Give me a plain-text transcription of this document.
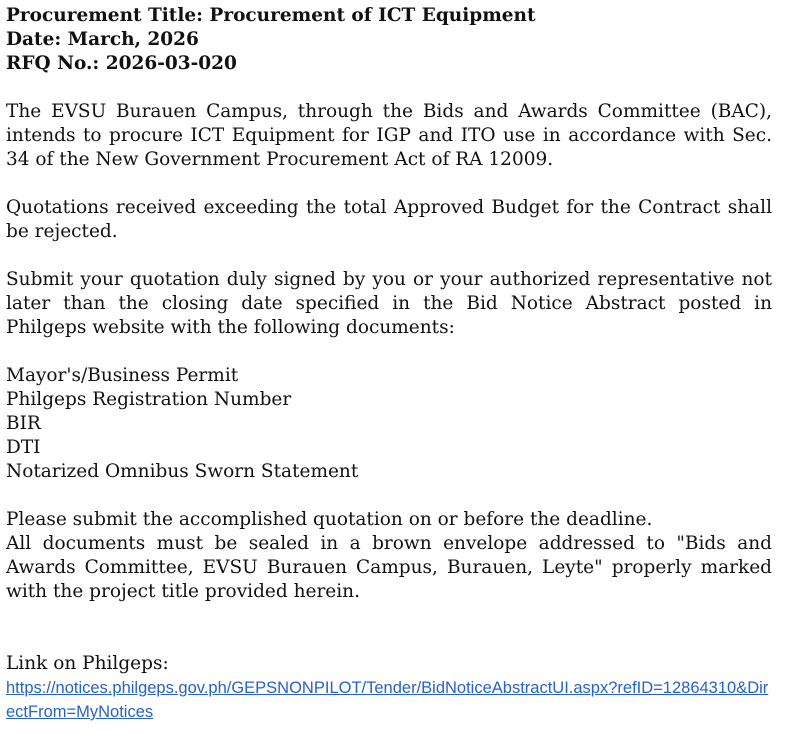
Procurement Title: Procurement of ICT Equipment

Date: March, 2026

RFQ No.: 2026-03-020

The EVSU Burauen Campus, through the Bids and Awards Committee (BAC), intends to procure ICT Equipment for IGP and ITO use in accordance with Sec. 34 of the New Government Procurement Act of RA 12009.

Quotations received exceeding the total Approved Budget for the Contract shall be rejected.

Submit your quotation duly signed by you or your authorized representative not later than the closing date specified in the Bid Notice Abstract posted in Philgeps website with the following documents:

Mayor's/Business Permit
Philgeps Registration Number
BIR
DTI
Notarized Omnibus Sworn Statement

Please submit the accomplished quotation on or before the deadline.

All documents must be sealed in a brown envelope addressed to "Bids and Awards Committee, EVSU Burauen Campus, Burauen, Leyte" properly marked with the project title provided herein.

Link on Philgeps:

https://notices.philgeps.gov.ph/GEPSNONPILOT/Tender/BidNoticeAbstractUI.aspx?refID=12864310&DirectFrom=MyNotices
